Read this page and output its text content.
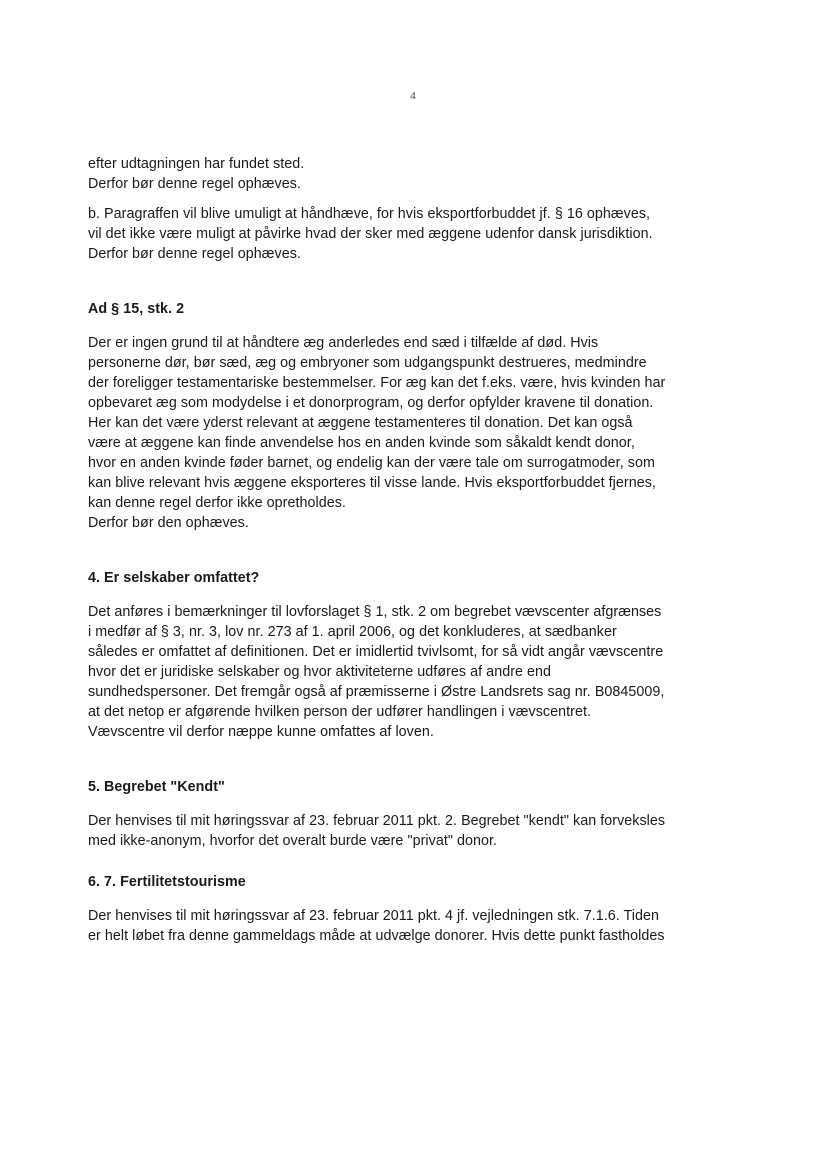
4

efter udtagningen har fundet sted.

Derfor bør denne regel ophæves.

b. Paragraffen vil blive umuligt at håndhæve, for hvis eksportforbuddet jf. § 16 ophæves,

vil det ikke være muligt at påvirke hvad der sker med æggene udenfor dansk jurisdiktion.

Derfor bør denne regel ophæves.

Ad § 15, stk. 2

Der er ingen grund til at håndtere æg anderledes end sæd i tilfælde af død. Hvis

personerne dør, bør sæd, æg og embryoner som udgangspunkt destrueres, medmindre

der foreligger testamentariske bestemmelser. For æg kan det f.eks. være, hvis kvinden har

opbevaret æg som modydelse i et donorprogram, og derfor opfylder kravene til donation.

Her kan det være yderst relevant at æggene testamenteres til donation. Det kan også

være at æggene kan finde anvendelse hos en anden kvinde som såkaldt kendt donor,

hvor en anden kvinde føder barnet, og endelig kan der være tale om surrogatmoder, som

kan blive relevant hvis æggene eksporteres til visse lande. Hvis eksportforbuddet fjernes,

kan denne regel derfor ikke opretholdes.

Derfor bør den ophæves.

4. Er selskaber omfattet?

Det anføres i bemærkninger til lovforslaget § 1, stk. 2 om begrebet vævscenter afgrænses

i medfør af § 3, nr. 3, lov nr. 273 af 1. april 2006, og det konkluderes, at sædbanker

således er omfattet af definitionen. Det er imidlertid tvivlsomt, for så vidt angår vævscentre

hvor det er juridiske selskaber og hvor aktiviteterne udføres af andre end

sundhedspersoner. Det fremgår også af præmisserne i Østre Landsrets sag nr. B0845009,

at det netop er afgørende hvilken person der udfører handlingen i vævscentret.

Vævscentre vil derfor næppe kunne omfattes af loven.

5. Begrebet "Kendt"

Der henvises til mit høringssvar af 23. februar 2011 pkt. 2. Begrebet "kendt" kan forveksles

med ikke-anonym, hvorfor det overalt burde være "privat" donor.

6. 7. Fertilitetstourisme

Der henvises til mit høringssvar af 23. februar 2011 pkt. 4 jf. vejledningen stk. 7.1.6. Tiden

er helt løbet fra denne gammeldags måde at udvælge donorer. Hvis dette punkt fastholdes
